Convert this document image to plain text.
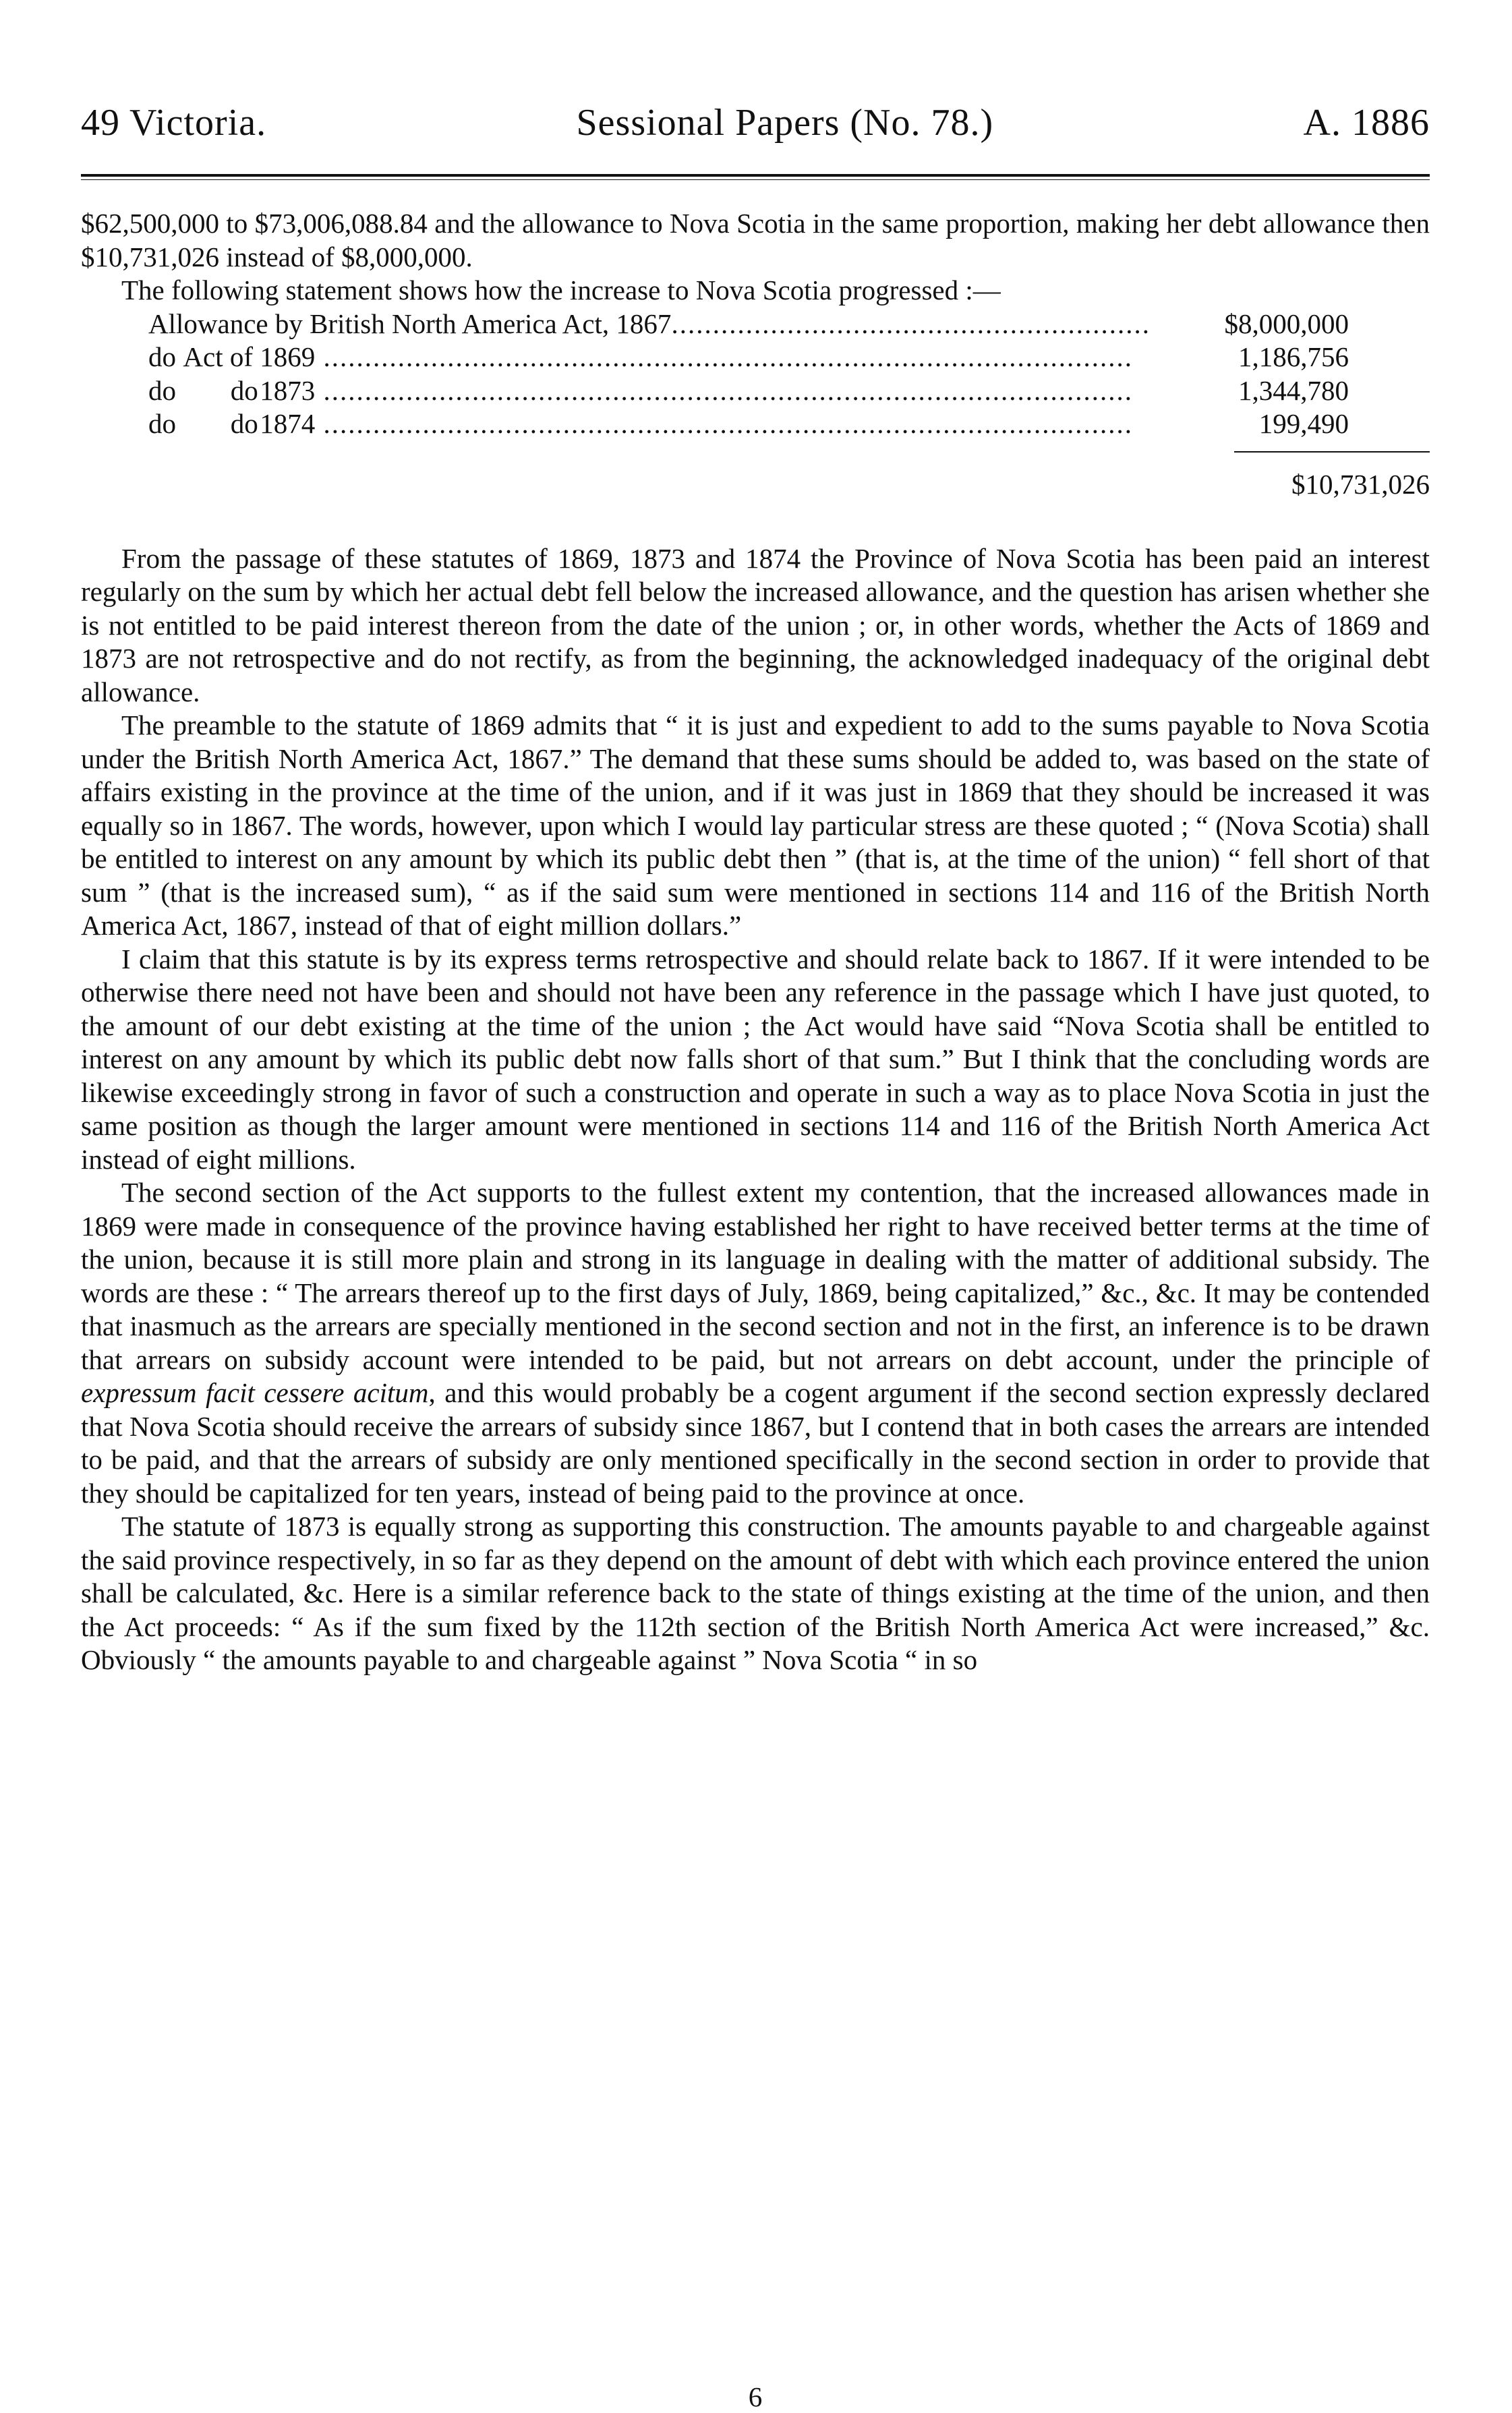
49 Victoria.	Sessional Papers (No. 78.)	A. 1886

$62,500,000 to $73,006,088.84 and the allowance to Nova Scotia in the same proportion, making her debt allowance then $10,731,026 instead of $8,000,000.

The following statement shows how the increase to Nova Scotia progressed :—

Allowance by British North America Act, 1867 ..........................................................	$8,000,000
do Act of 1869 ..................................................................................................	1,186,756
do	do 1873 ..................................................................................................	1,344,780
do	do 1874 ..................................................................................................	199,490
$10,731,026

From the passage of these statutes of 1869, 1873 and 1874 the Province of Nova Scotia has been paid an interest regularly on the sum by which her actual debt fell below the increased allowance, and the question has arisen whether she is not entitled to be paid interest thereon from the date of the union ; or, in other words, whether the Acts of 1869 and 1873 are not retrospective and do not rectify, as from the beginning, the acknowledged inadequacy of the original debt allowance.

The preamble to the statute of 1869 admits that “ it is just and expedient to add to the sums payable to Nova Scotia under the British North America Act, 1867.” The demand that these sums should be added to, was based on the state of affairs existing in the province at the time of the union, and if it was just in 1869 that they should be increased it was equally so in 1867. The words, however, upon which I would lay particular stress are these quoted ; “ (Nova Scotia) shall be entitled to interest on any amount by which its public debt then ” (that is, at the time of the union) “ fell short of that sum ” (that is the increased sum), “ as if the said sum were mentioned in sections 114 and 116 of the British North America Act, 1867, instead of that of eight million dollars.”

I claim that this statute is by its express terms retrospective and should relate back to 1867. If it were intended to be otherwise there need not have been and should not have been any reference in the passage which I have just quoted, to the amount of our debt existing at the time of the union ; the Act would have said “Nova Scotia shall be entitled to interest on any amount by which its public debt now falls short of that sum.” But I think that the concluding words are likewise exceedingly strong in favor of such a construction and operate in such a way as to place Nova Scotia in just the same position as though the larger amount were mentioned in sections 114 and 116 of the British North America Act instead of eight millions.

The second section of the Act supports to the fullest extent my contention, that the increased allowances made in 1869 were made in consequence of the province having established her right to have received better terms at the time of the union, because it is still more plain and strong in its language in dealing with the matter of additional subsidy. The words are these : “ The arrears thereof up to the first days of July, 1869, being capitalized,” &c., &c. It may be contended that inasmuch as the arrears are specially mentioned in the second section and not in the first, an inference is to be drawn that arrears on subsidy account were intended to be paid, but not arrears on debt account, under the principle of expressum facit cessere acitum, and this would probably be a cogent argument if the second section expressly declared that Nova Scotia should receive the arrears of subsidy since 1867, but I contend that in both cases the arrears are intended to be paid, and that the arrears of subsidy are only mentioned specifically in the second section in order to provide that they should be capitalized for ten years, instead of being paid to the province at once.

The statute of 1873 is equally strong as supporting this construction. The amounts payable to and chargeable against the said province respectively, in so far as they depend on the amount of debt with which each province entered the union shall be calculated, &c. Here is a similar reference back to the state of things existing at the time of the union, and then the Act proceeds: “ As if the sum fixed by the 112th section of the British North America Act were increased,” &c. Obviously “ the amounts payable to and chargeable against ” Nova Scotia “ in so

6
